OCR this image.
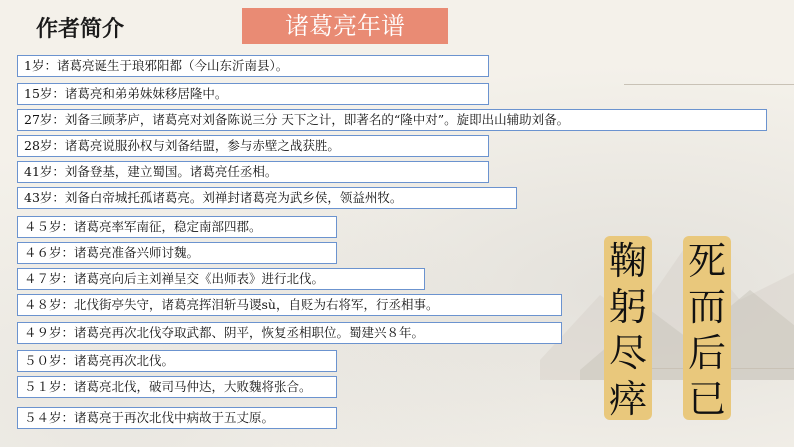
作者简介	诸葛亮年谱
1岁：诸葛亮诞生于琅邪阳都（今山东沂南县）。
15岁：诸葛亮和弟弟妹妹移居隆中。
27岁：刘备三顾茅庐，诸葛亮对刘备陈说三分 天下之计，即著名的“隆中对”。旋即出山辅助刘备。
28岁：诸葛亮说服孙权与刘备结盟，参与赤壁之战获胜。
41岁：刘备登基，建立蜀国。诸葛亮任丞相。
43岁：刘备白帝城托孤诸葛亮。刘禅封诸葛亮为武乡侯，领益州牧。
４５岁：诸葛亮率军南征，稳定南部四郡。
４６岁：诸葛亮准备兴师讨魏。
４７岁：诸葛亮向后主刘禅呈交《出师表》进行北伐。
４８岁：北伐街亭失守，诸葛亮挥泪斩马谡sù，自贬为右将军，行丞相事。
４９岁：诸葛亮再次北伐夺取武都、阴平，恢复丞相职位。蜀建兴８年。
５０岁：诸葛亮再次北伐。
５１岁：诸葛亮北伐，破司马仲达，大败魏将张合。
５４岁：诸葛亮于再次北伐中病故于五丈原。
鞠
躬
尽
瘁
死
而
后
已
